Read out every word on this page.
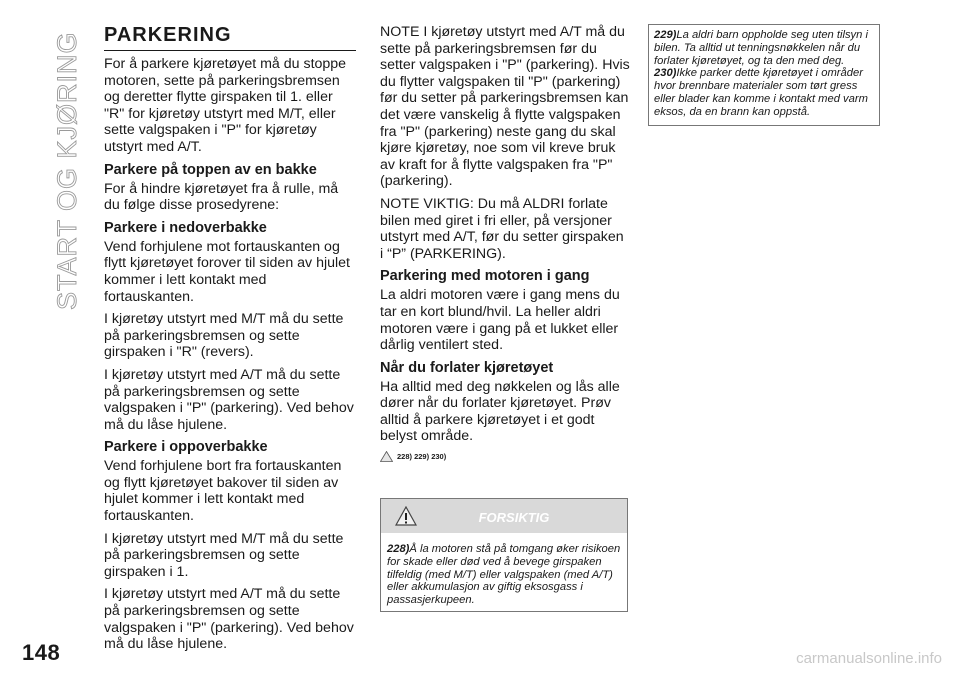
START OG KJØRING PARKERING

For å parkere kjøretøyet må du stoppe motoren, sette på parkeringsbremsen og deretter flytte girspaken til 1. eller "R" for kjøretøy utstyrt med M/T, eller sette valgspaken i "P" for kjøretøy utstyrt med A/T.

Parkere på toppen av en bakke

For å hindre kjøretøyet fra å rulle, må du følge disse prosedyrene:

Parkere i nedoverbakke

Vend forhjulene mot fortauskanten og flytt kjøretøyet forover til siden av hjulet kommer i lett kontakt med fortauskanten.

I kjøretøy utstyrt med M/T må du sette på parkeringsbremsen og sette girspaken i "R" (revers).

I kjøretøy utstyrt med A/T må du sette på parkeringsbremsen og sette valgspaken i "P" (parkering). Ved behov må du låse hjulene.

Parkere i oppoverbakke

Vend forhjulene bort fra fortauskanten og flytt kjøretøyet bakover til siden av hjulet kommer i lett kontakt med fortauskanten.

I kjøretøy utstyrt med M/T må du sette på parkeringsbremsen og sette girspaken i 1.

I kjøretøy utstyrt med A/T må du sette på parkeringsbremsen og sette valgspaken i "P" (parkering). Ved behov må du låse hjulene.

NOTE I kjøretøy utstyrt med A/T må du sette på parkeringsbremsen før du setter valgspaken i "P" (parkering). Hvis du flytter valgspaken til "P" (parkering) før du setter på parkeringsbremsen kan det være vanskelig å flytte valgspaken fra "P" (parkering) neste gang du skal kjøre kjøretøy, noe som vil kreve bruk av kraft for å flytte valgspaken fra "P" (parkering).

NOTE VIKTIG: Du må ALDRI forlate bilen med giret i fri eller, på versjoner utstyrt med A/T, før du setter girspaken i “P” (PARKERING).

Parkering med motoren i gang

La aldri motoren være i gang mens du tar en kort blund/hvil. La heller aldri motoren være i gang på et lukket eller dårlig ventilert sted.

Når du forlater kjøretøyet

Ha alltid med deg nøkkelen og lås alle dører når du forlater kjøretøyet. Prøv alltid å parkere kjøretøyet i et godt belyst område.

228) 229) 230)
FORSIKTIG
228)Å la motoren stå på tomgang øker risikoen for skade eller død ved å bevege girspaken tilfeldig (med M/T) eller valgspaken (med A/T) eller akkumulasjon av giftig eksosgass i passasjerkupeen.

229)La aldri barn oppholde seg uten tilsyn i bilen. Ta alltid ut tenningsnøkkelen når du forlater kjøretøyet, og ta den med deg.

230)Ikke parker dette kjøretøyet i områder hvor brennbare materialer som tørt gress eller blader kan komme i kontakt med varm eksos, da en brann kan oppstå.

148	carmanualsonline.info
